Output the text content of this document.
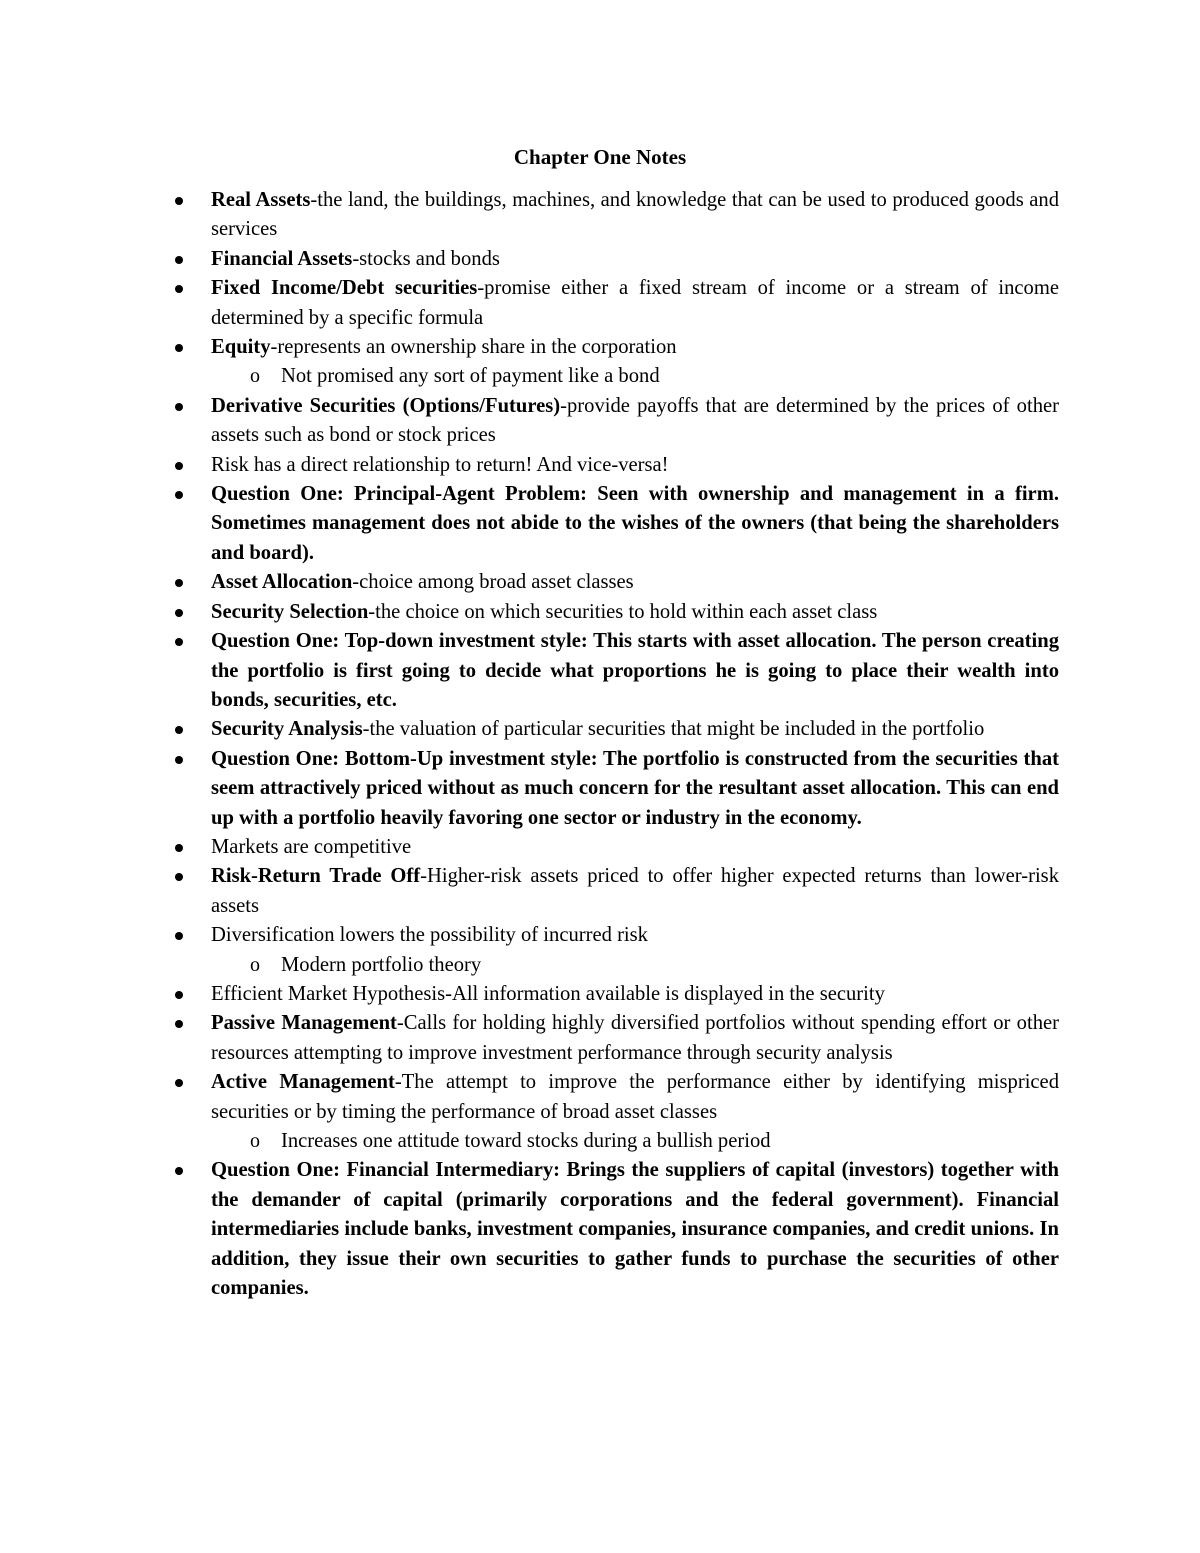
Chapter One Notes
Real Assets-the land, the buildings, machines, and knowledge that can be used to produced goods and services
Financial Assets-stocks and bonds
Fixed Income/Debt securities-promise either a fixed stream of income or a stream of income determined by a specific formula
Equity-represents an ownership share in the corporation
o Not promised any sort of payment like a bond
Derivative Securities (Options/Futures)-provide payoffs that are determined by the prices of other assets such as bond or stock prices
Risk has a direct relationship to return! And vice-versa!
Question One: Principal-Agent Problem: Seen with ownership and management in a firm. Sometimes management does not abide to the wishes of the owners (that being the shareholders and board).
Asset Allocation-choice among broad asset classes
Security Selection-the choice on which securities to hold within each asset class
Question One: Top-down investment style: This starts with asset allocation. The person creating the portfolio is first going to decide what proportions he is going to place their wealth into bonds, securities, etc.
Security Analysis-the valuation of particular securities that might be included in the portfolio
Question One: Bottom-Up investment style: The portfolio is constructed from the securities that seem attractively priced without as much concern for the resultant asset allocation. This can end up with a portfolio heavily favoring one sector or industry in the economy.
Markets are competitive
Risk-Return Trade Off-Higher-risk assets priced to offer higher expected returns than lower-risk assets
Diversification lowers the possibility of incurred risk
o Modern portfolio theory
Efficient Market Hypothesis-All information available is displayed in the security
Passive Management-Calls for holding highly diversified portfolios without spending effort or other resources attempting to improve investment performance through security analysis
Active Management-The attempt to improve the performance either by identifying mispriced securities or by timing the performance of broad asset classes
o Increases one attitude toward stocks during a bullish period
Question One: Financial Intermediary: Brings the suppliers of capital (investors) together with the demander of capital (primarily corporations and the federal government). Financial intermediaries include banks, investment companies, insurance companies, and credit unions. In addition, they issue their own securities to gather funds to purchase the securities of other companies.
